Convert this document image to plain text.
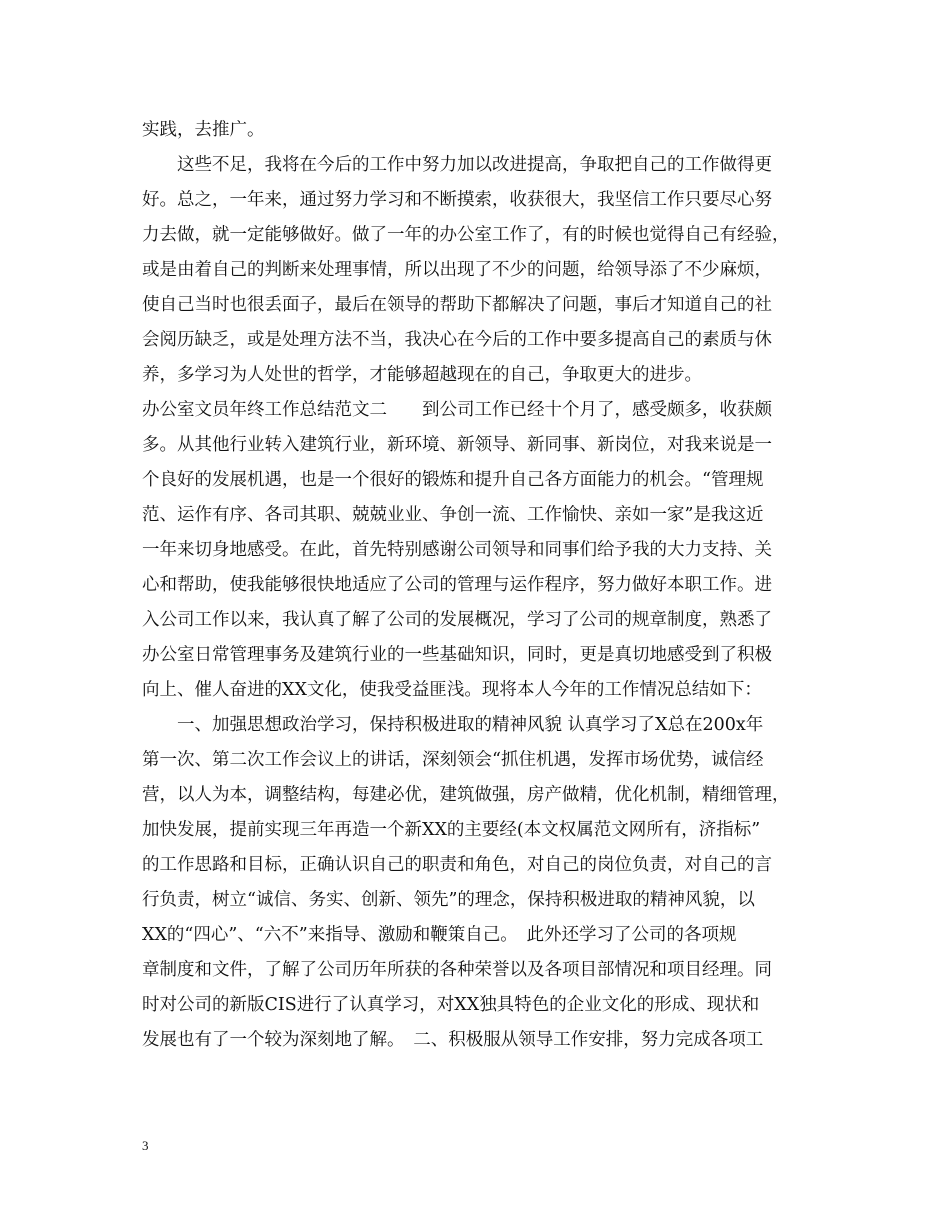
实践，去推广。
　　这些不足，我将在今后的工作中努力加以改进提高，争取把自己的工作做得更
好。总之，一年来，通过努力学习和不断摸索，收获很大，我坚信工作只要尽心努
力去做，就一定能够做好。做了一年的办公室工作了，有的时候也觉得自己有经验，
或是由着自己的判断来处理事情，所以出现了不少的问题，给领导添了不少麻烦，
使自己当时也很丢面子，最后在领导的帮助下都解决了问题，事后才知道自己的社
会阅历缺乏，或是处理方法不当，我决心在今后的工作中要多提高自己的素质与休
养，多学习为人处世的哲学，才能够超越现在的自己，争取更大的进步。
办公室文员年终工作总结范文二　　到公司工作已经十个月了，感受颇多，收获颇
多。从其他行业转入建筑行业，新环境、新领导、新同事、新岗位，对我来说是一
个良好的发展机遇，也是一个很好的锻炼和提升自己各方面能力的机会。“管理规
范、运作有序、各司其职、兢兢业业、争创一流、工作愉快、亲如一家”是我这近
一年来切身地感受。在此，首先特别感谢公司领导和同事们给予我的大力支持、关
心和帮助，使我能够很快地适应了公司的管理与运作程序，努力做好本职工作。进
入公司工作以来，我认真了解了公司的发展概况，学习了公司的规章制度，熟悉了
办公室日常管理事务及建筑行业的一些基础知识，同时，更是真切地感受到了积极
向上、催人奋进的XX文化，使我受益匪浅。现将本人今年的工作情况总结如下：
　　一、加强思想政治学习，保持积极进取的精神风貌 认真学习了X总在200x年
第一次、第二次工作会议上的讲话，深刻领会“抓住机遇，发挥市场优势，诚信经
营，以人为本，调整结构，每建必优，建筑做强，房产做精，优化机制，精细管理，
加快发展，提前实现三年再造一个新XX的主要经(本文权属范文网所有，济指标”
的工作思路和目标，正确认识自己的职责和角色，对自己的岗位负责，对自己的言
行负责，树立“诚信、务实、创新、领先”的理念，保持积极进取的精神风貌，以
XX的“四心”、“六不”来指导、激励和鞭策自己。　此外还学习了公司的各项规
章制度和文件，了解了公司历年所获的各种荣誉以及各项目部情况和项目经理。同
时对公司的新版CIS进行了认真学习，对XX独具特色的企业文化的形成、现状和
发展也有了一个较为深刻地了解。　二、积极服从领导工作安排，努力完成各项工
3
